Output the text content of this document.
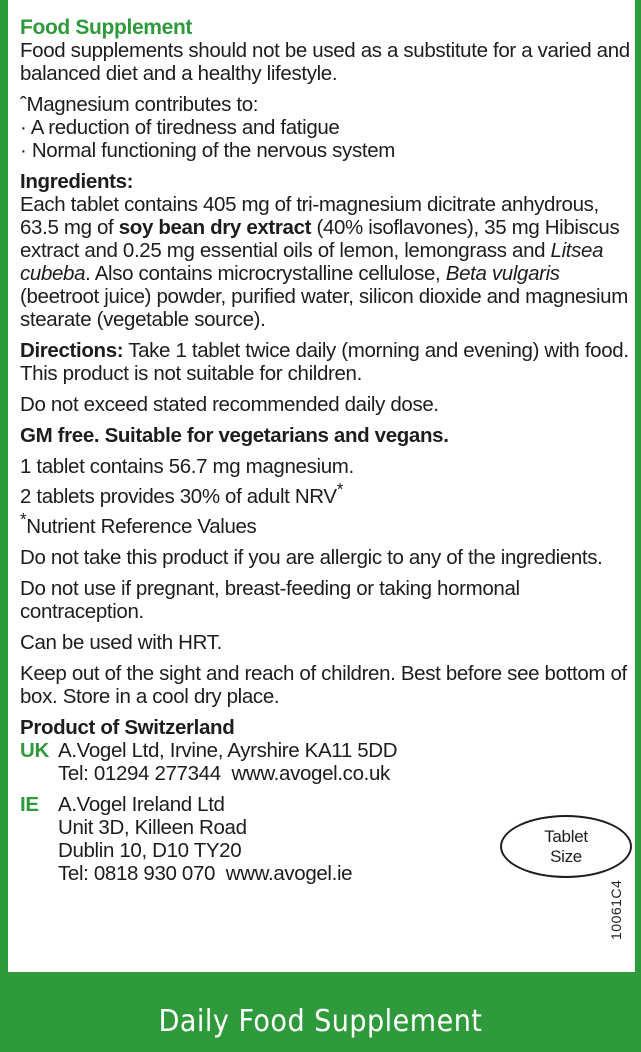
Food Supplement

Food supplements should not be used as a substitute for a varied and balanced diet and a healthy lifestyle.

ˆMagnesium contributes to:

· A reduction of tiredness and fatigue

· Normal functioning of the nervous system

Ingredients:

Each tablet contains 405 mg of tri-magnesium dicitrate anhydrous, 63.5 mg of soy bean dry extract (40% isoflavones), 35 mg Hibiscus extract and 0.25 mg essential oils of lemon, lemongrass and Litsea cubeba. Also contains microcrystalline cellulose, Beta vulgaris (beetroot juice) powder, purified water, silicon dioxide and magnesium stearate (vegetable source).

Directions: Take 1 tablet twice daily (morning and evening) with food.

This product is not suitable for children.

Do not exceed stated recommended daily dose.

GM free. Suitable for vegetarians and vegans.

1 tablet contains 56.7 mg magnesium.

2 tablets provides 30% of adult NRV*

*Nutrient Reference Values

Do not take this product if you are allergic to any of the ingredients.

Do not use if pregnant, breast-feeding or taking hormonal contraception.

Can be used with HRT.

Keep out of the sight and reach of children. Best before see bottom of box. Store in a cool dry place.

Product of Switzerland

UK A.Vogel Ltd, Irvine, Ayrshire KA11 5DD

Tel: 01294 277344  www.avogel.co.uk

IE A.Vogel Ireland Ltd

Unit 3D, Killeen Road

Dublin 10, D10 TY20

Tel: 0818 930 070  www.avogel.ie

Tablet
Size
10061C4
Daily Food Supplement
